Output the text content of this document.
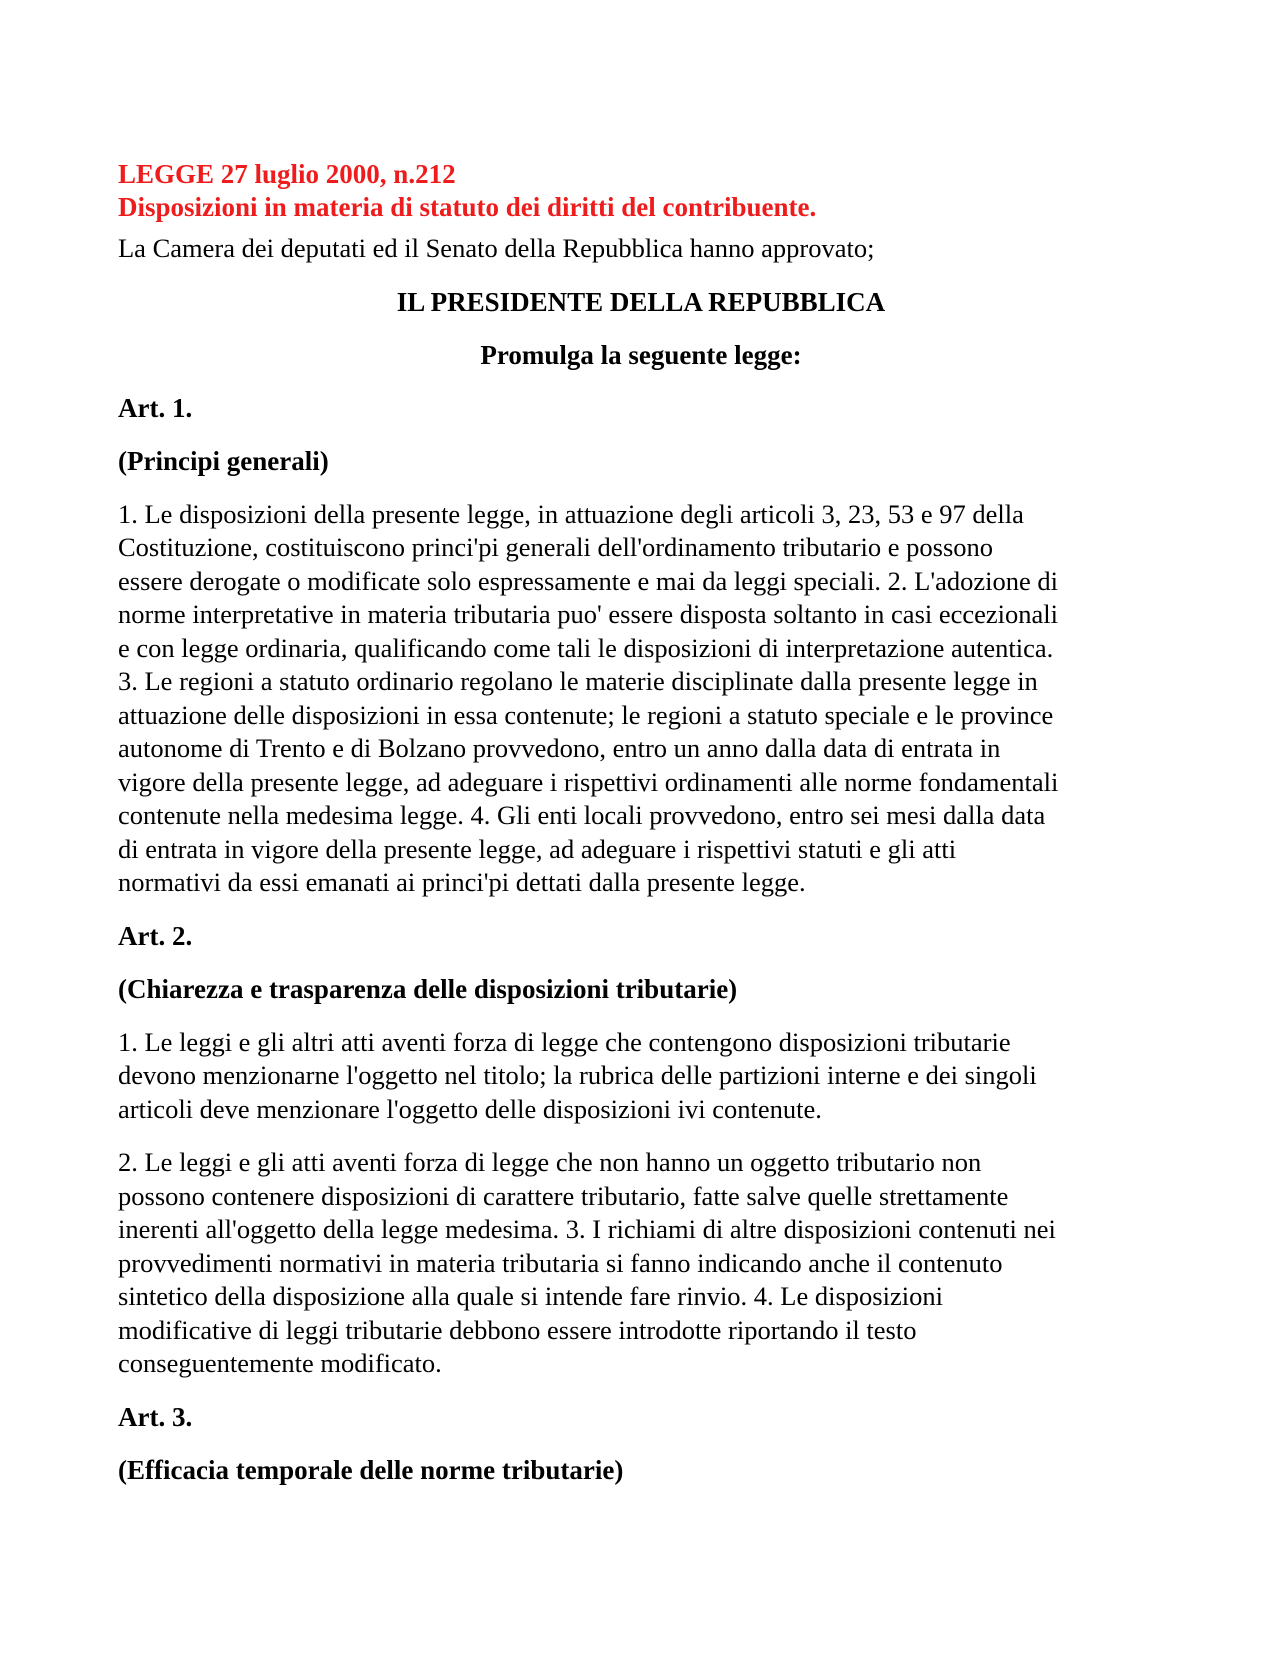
LEGGE 27 luglio 2000, n.212
Disposizioni in materia di statuto dei diritti del contribuente.

La Camera dei deputati ed il Senato della Repubblica hanno approvato;

IL PRESIDENTE DELLA REPUBBLICA
Promulga la seguente legge:
Art. 1.
(Principi generali)
1. Le disposizioni della presente legge, in attuazione degli articoli 3, 23, 53 e 97 della
Costituzione, costituiscono princi'pi generali dell'ordinamento tributario e possono
essere derogate o modificate solo espressamente e mai da leggi speciali. 2. L'adozione di
norme interpretative in materia tributaria puo' essere disposta soltanto in casi eccezionali
e con legge ordinaria, qualificando come tali le disposizioni di interpretazione autentica.
3. Le regioni a statuto ordinario regolano le materie disciplinate dalla presente legge in
attuazione delle disposizioni in essa contenute; le regioni a statuto speciale e le province
autonome di Trento e di Bolzano provvedono, entro un anno dalla data di entrata in
vigore della presente legge, ad adeguare i rispettivi ordinamenti alle norme fondamentali
contenute nella medesima legge. 4. Gli enti locali provvedono, entro sei mesi dalla data
di entrata in vigore della presente legge, ad adeguare i rispettivi statuti e gli atti
normativi da essi emanati ai princi'pi dettati dalla presente legge.
Art. 2.
(Chiarezza e trasparenza delle disposizioni tributarie)
1. Le leggi e gli altri atti aventi forza di legge che contengono disposizioni tributarie
devono menzionarne l'oggetto nel titolo; la rubrica delle partizioni interne e dei singoli
articoli deve menzionare l'oggetto delle disposizioni ivi contenute.
2. Le leggi e gli atti aventi forza di legge che non hanno un oggetto tributario non
possono contenere disposizioni di carattere tributario, fatte salve quelle strettamente
inerenti all'oggetto della legge medesima. 3. I richiami di altre disposizioni contenuti nei
provvedimenti normativi in materia tributaria si fanno indicando anche il contenuto
sintetico della disposizione alla quale si intende fare rinvio. 4. Le disposizioni
modificative di leggi tributarie debbono essere introdotte riportando il testo
conseguentemente modificato.
Art. 3.
(Efficacia temporale delle norme tributarie)
